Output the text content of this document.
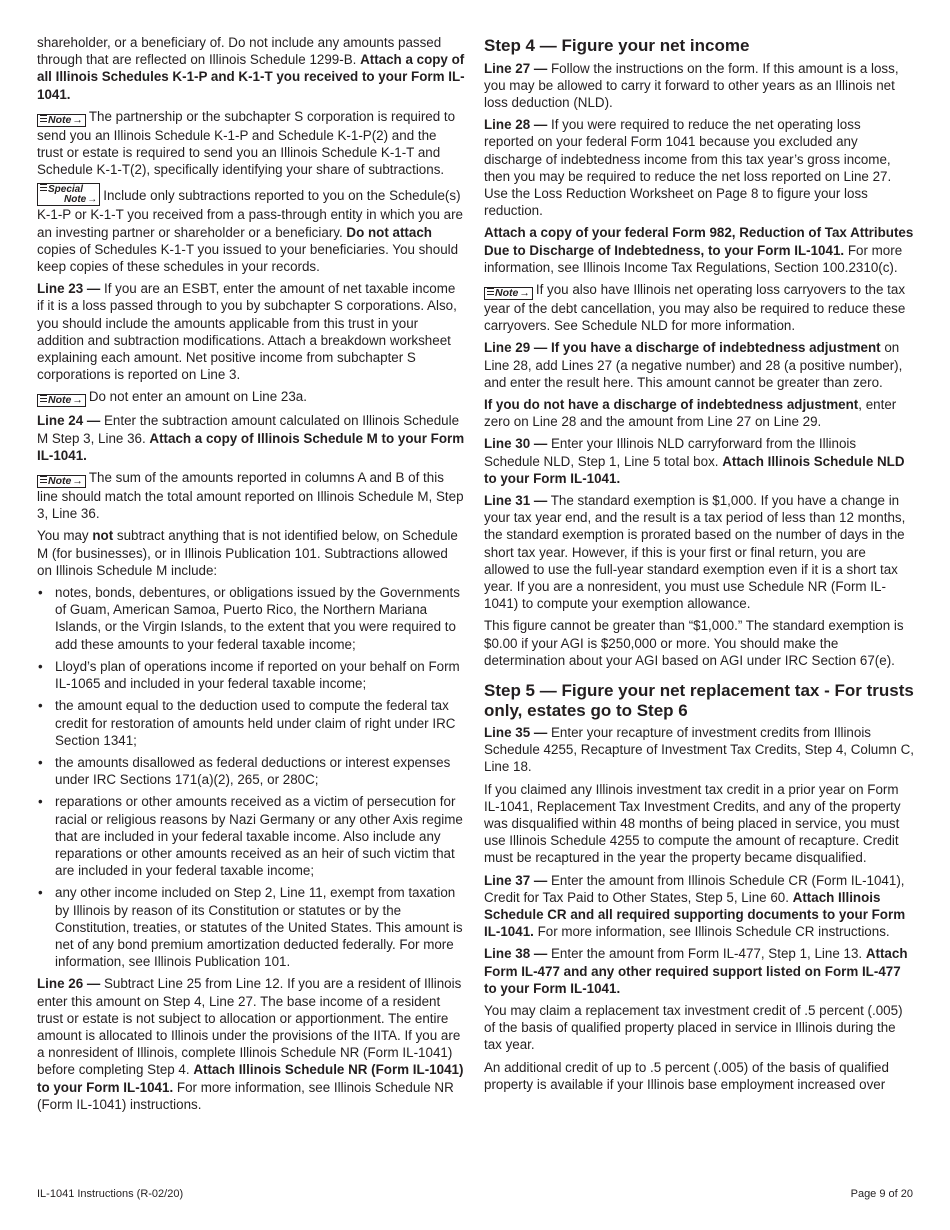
shareholder, or a beneficiary of. Do not include any amounts passed through that are reflected on Illinois Schedule 1299-B. Attach a copy of all Illinois Schedules K-1-P and K-1-T you received to your Form IL-1041.

Note→ The partnership or the subchapter S corporation is required to send you an Illinois Schedule K-1-P and Schedule K-1-P(2) and the trust or estate is required to send you an Illinois Schedule K-1-T and Schedule K-1-T(2), specifically identifying your share of subtractions.

Special
Note→ Include only subtractions reported to you on the Schedule(s) K-1-P or K-1-T you received from a pass-through entity in which you are an investing partner or shareholder or a beneficiary. Do not attach copies of Schedules K-1-T you issued to your beneficiaries. You should keep copies of these schedules in your records.

Line 23 — If you are an ESBT, enter the amount of net taxable income if it is a loss passed through to you by subchapter S corporations. Also, you should include the amounts applicable from this trust in your addition and subtraction modifications. Attach a breakdown worksheet explaining each amount. Net positive income from subchapter S corporations is reported on Line 3.

Note→ Do not enter an amount on Line 23a.

Line 24 — Enter the subtraction amount calculated on Illinois Schedule M Step 3, Line 36. Attach a copy of Illinois Schedule M to your Form IL-1041.

Note→ The sum of the amounts reported in columns A and B of this line should match the total amount reported on Illinois Schedule M, Step 3, Line 36.

You may not subtract anything that is not identified below, on Schedule M (for businesses), or in Illinois Publication 101. Subtractions allowed on Illinois Schedule M include:

• notes, bonds, debentures, or obligations issued by the Governments of Guam, American Samoa, Puerto Rico, the Northern Mariana Islands, or the Virgin Islands, to the extent that you were required to add these amounts to your federal taxable income;
• Lloyd’s plan of operations income if reported on your behalf on Form IL-1065 and included in your federal taxable income;
• the amount equal to the deduction used to compute the federal tax credit for restoration of amounts held under claim of right under IRC Section 1341;
• the amounts disallowed as federal deductions or interest expenses under IRC Sections 171(a)(2), 265, or 280C;
• reparations or other amounts received as a victim of persecution for racial or religious reasons by Nazi Germany or any other Axis regime that are included in your federal taxable income. Also include any reparations or other amounts received as an heir of such victim that are included in your federal taxable income;
• any other income included on Step 2, Line 11, exempt from taxation by Illinois by reason of its Constitution or statutes or by the Constitution, treaties, or statutes of the United States. This amount is net of any bond premium amortization deducted federally. For more information, see Illinois Publication 101.

Line 26 — Subtract Line 25 from Line 12. If you are a resident of Illinois enter this amount on Step 4, Line 27. The base income of a resident trust or estate is not subject to allocation or apportionment. The entire amount is allocated to Illinois under the provisions of the IITA. If you are a nonresident of Illinois, complete Illinois Schedule NR (Form IL-1041) before completing Step 4. Attach Illinois Schedule NR (Form IL-1041) to your Form IL-1041. For more information, see Illinois Schedule NR (Form IL-1041) instructions.

Step 4 — Figure your net income

Line 27 — Follow the instructions on the form. If this amount is a loss, you may be allowed to carry it forward to other years as an Illinois net loss deduction (NLD).

Line 28 — If you were required to reduce the net operating loss reported on your federal Form 1041 because you excluded any discharge of indebtedness income from this tax year’s gross income, then you may be required to reduce the net loss reported on Line 27. Use the Loss Reduction Worksheet on Page 8 to figure your loss reduction.

Attach a copy of your federal Form 982, Reduction of Tax Attributes Due to Discharge of Indebtedness, to your Form IL-1041. For more information, see Illinois Income Tax Regulations, Section 100.2310(c).

Note→ If you also have Illinois net operating loss carryovers to the tax year of the debt cancellation, you may also be required to reduce these carryovers. See Schedule NLD for more information.

Line 29 — If you have a discharge of indebtedness adjustment on Line 28, add Lines 27 (a negative number) and 28 (a positive number), and enter the result here. This amount cannot be greater than zero.

If you do not have a discharge of indebtedness adjustment, enter zero on Line 28 and the amount from Line 27 on Line 29.

Line 30 — Enter your Illinois NLD carryforward from the Illinois Schedule NLD, Step 1, Line 5 total box. Attach Illinois Schedule NLD to your Form IL-1041.

Line 31 — The standard exemption is $1,000. If you have a change in your tax year end, and the result is a tax period of less than 12 months, the standard exemption is prorated based on the number of days in the short tax year. However, if this is your first or final return, you are allowed to use the full-year standard exemption even if it is a short tax year. If you are a nonresident, you must use Schedule NR (Form IL-1041) to compute your exemption allowance.

This figure cannot be greater than “$1,000.” The standard exemption is $0.00 if your AGI is $250,000 or more. You should make the determination about your AGI based on AGI under IRC Section 67(e).

Step 5 — Figure your net replacement tax - For trusts only, estates go to Step 6

Line 35 — Enter your recapture of investment credits from Illinois Schedule 4255, Recapture of Investment Tax Credits, Step 4, Column C, Line 18.

If you claimed any Illinois investment tax credit in a prior year on Form IL-1041, Replacement Tax Investment Credits, and any of the property was disqualified within 48 months of being placed in service, you must use Illinois Schedule 4255 to compute the amount of recapture. Credit must be recaptured in the year the property became disqualified.

Line 37 — Enter the amount from Illinois Schedule CR (Form IL-1041), Credit for Tax Paid to Other States, Step 5, Line 60. Attach Illinois Schedule CR and all required supporting documents to your Form IL-1041. For more information, see Illinois Schedule CR instructions.

Line 38 — Enter the amount from Form IL-477, Step 1, Line 13. Attach Form IL-477 and any other required support listed on Form IL-477 to your Form IL-1041.

You may claim a replacement tax investment credit of .5 percent (.005) of the basis of qualified property placed in service in Illinois during the tax year.

An additional credit of up to .5 percent (.005) of the basis of qualified property is available if your Illinois base employment increased over

IL-1041 Instructions (R-02/20)	Page 9 of 20
